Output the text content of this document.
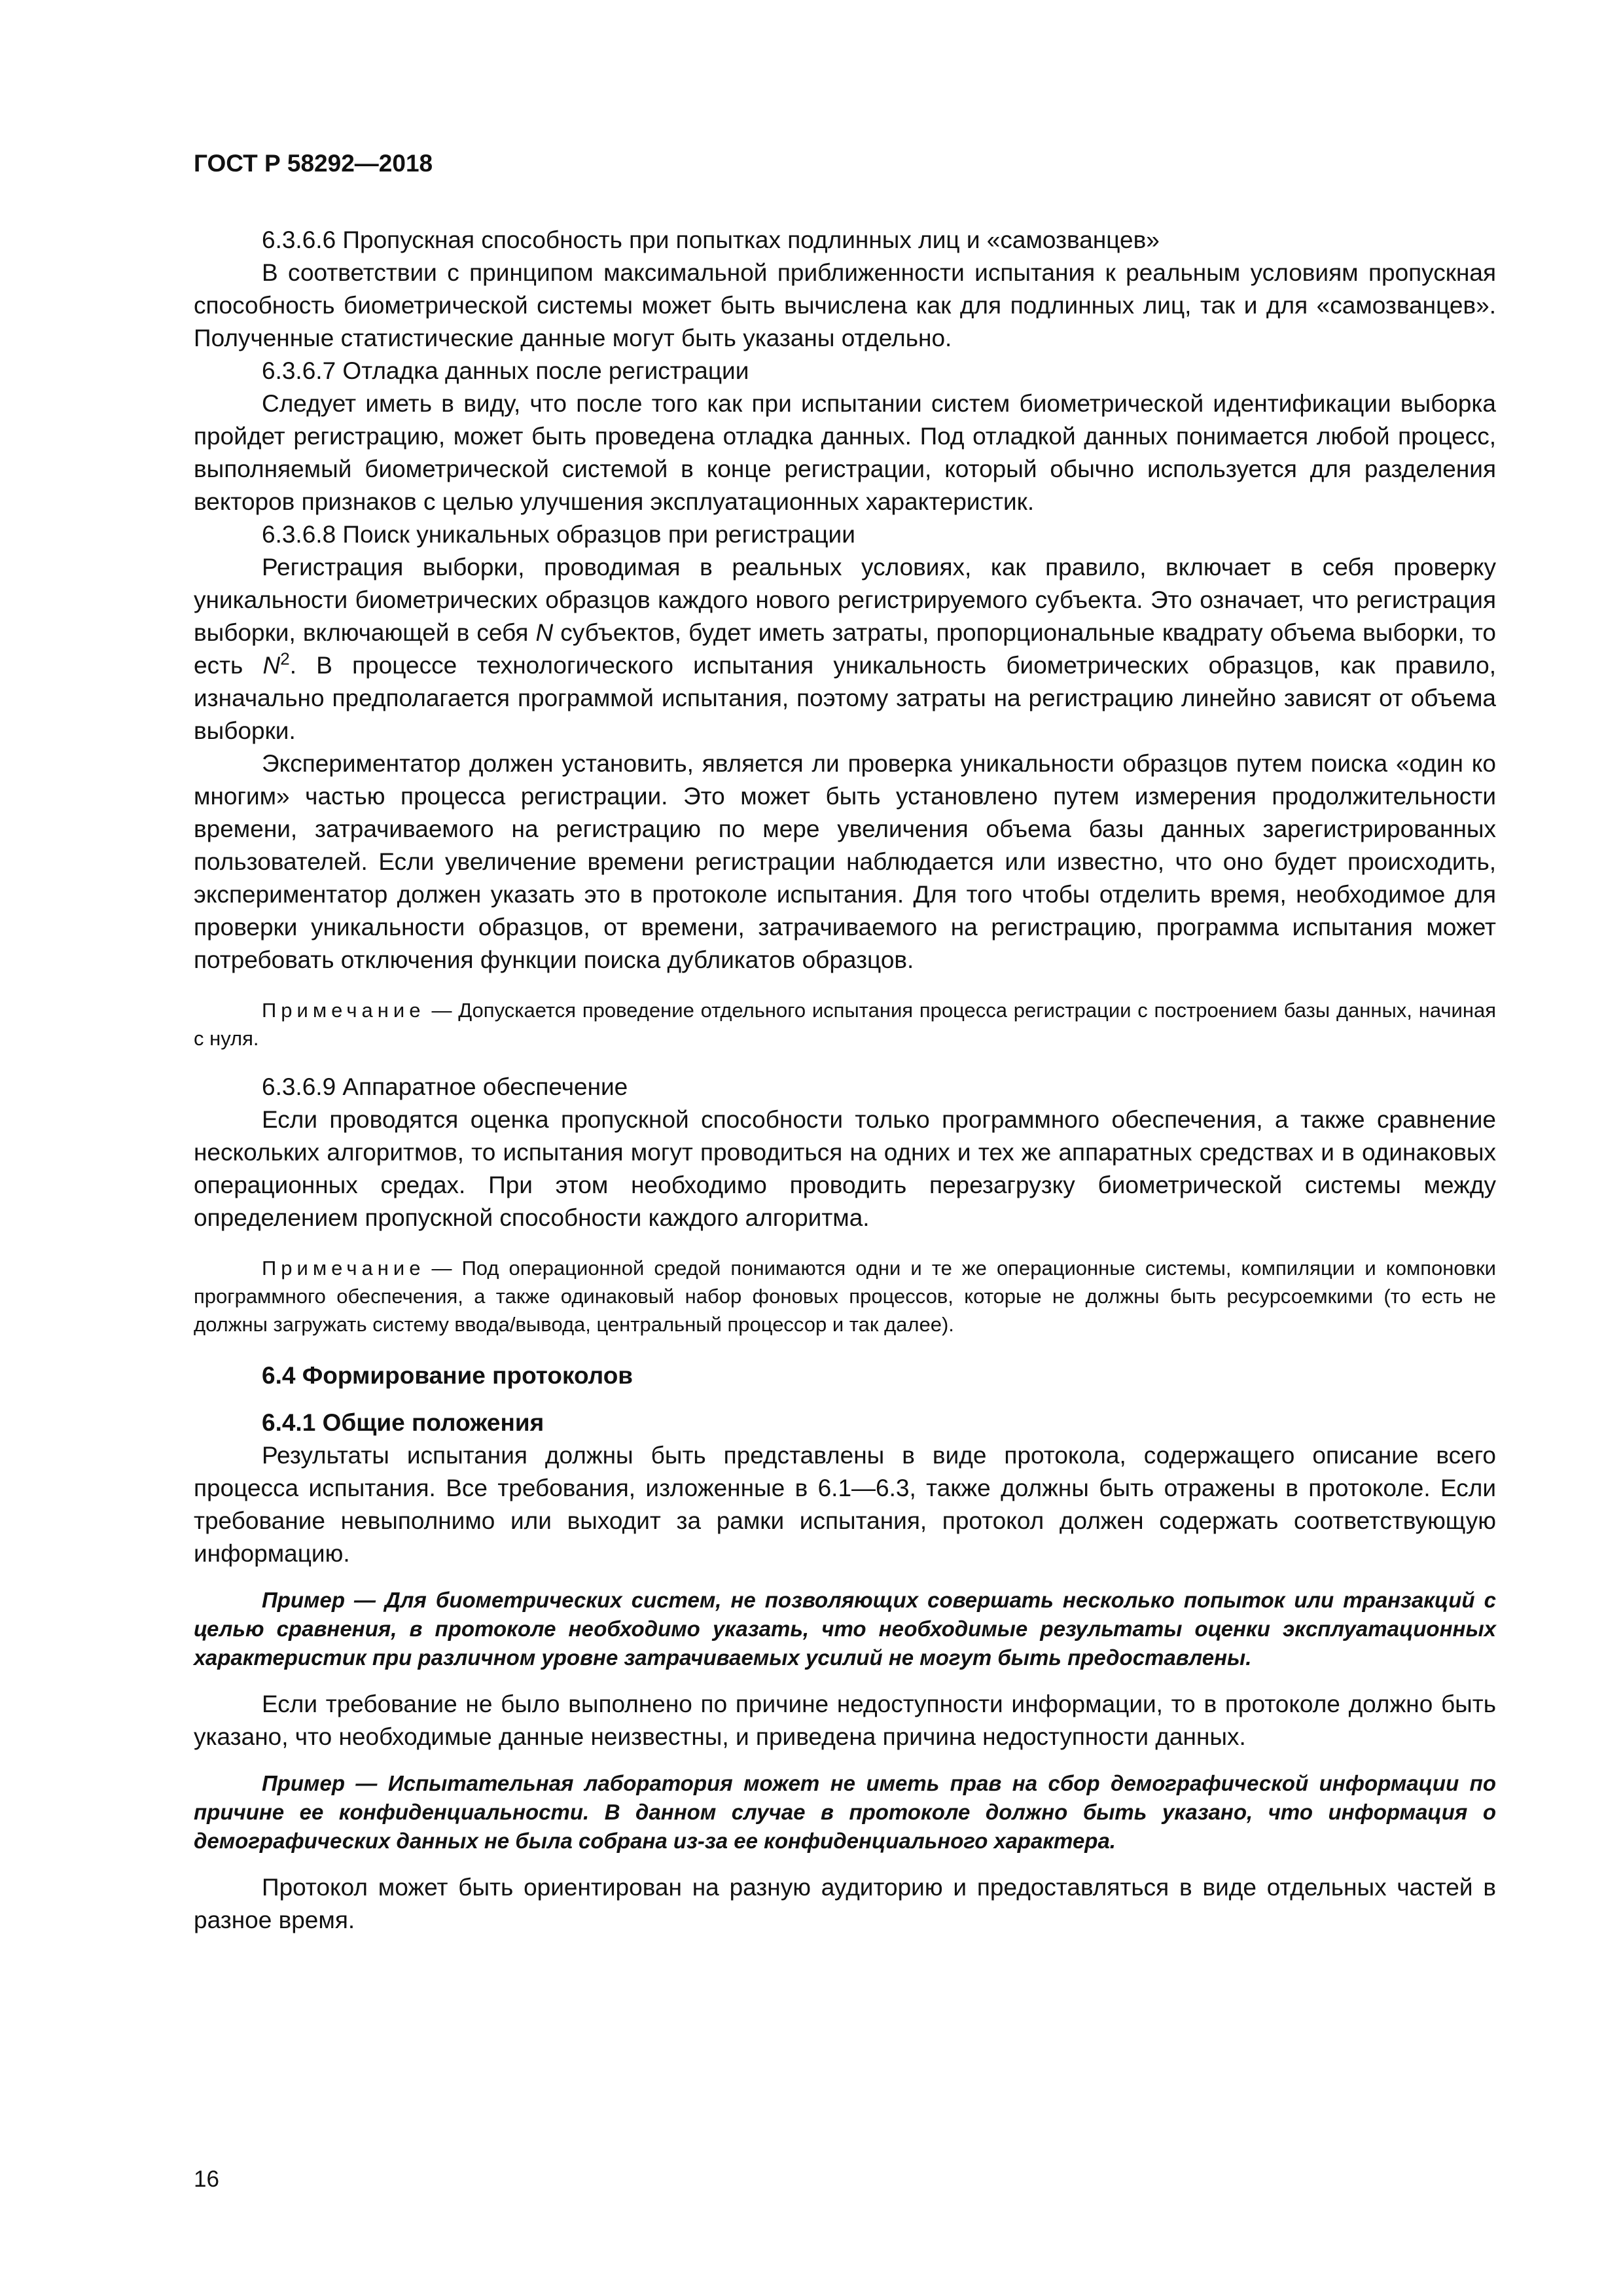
ГОСТ Р 58292—2018

6.3.6.6 Пропускная способность при попытках подлинных лиц и «самозванцев»

В соответствии с принципом максимальной приближенности испытания к реальным условиям пропускная способность биометрической системы может быть вычислена как для подлинных лиц, так и для «самозванцев». Полученные статистические данные могут быть указаны отдельно.

6.3.6.7 Отладка данных после регистрации

Следует иметь в виду, что после того как при испытании систем биометрической идентификации выборка пройдет регистрацию, может быть проведена отладка данных. Под отладкой данных понимается любой процесс, выполняемый биометрической системой в конце регистрации, который обычно используется для разделения векторов признаков с целью улучшения эксплуатационных характеристик.

6.3.6.8 Поиск уникальных образцов при регистрации

Регистрация выборки, проводимая в реальных условиях, как правило, включает в себя проверку уникальности биометрических образцов каждого нового регистрируемого субъекта. Это означает, что регистрация выборки, включающей в себя N субъектов, будет иметь затраты, пропорциональные квадрату объема выборки, то есть $N^2$. В процессе технологического испытания уникальность биометрических образцов, как правило, изначально предполагается программой испытания, поэтому затраты на регистрацию линейно зависят от объема выборки.

Экспериментатор должен установить, является ли проверка уникальности образцов путем поиска «один ко многим» частью процесса регистрации. Это может быть установлено путем измерения продолжительности времени, затрачиваемого на регистрацию по мере увеличения объема базы данных зарегистрированных пользователей. Если увеличение времени регистрации наблюдается или известно, что оно будет происходить, экспериментатор должен указать это в протоколе испытания. Для того чтобы отделить время, необходимое для проверки уникальности образцов, от времени, затрачиваемого на регистрацию, программа испытания может потребовать отключения функции поиска дубликатов образцов.

Примечание — Допускается проведение отдельного испытания процесса регистрации с построением базы данных, начиная с нуля.

6.3.6.9 Аппаратное обеспечение

Если проводятся оценка пропускной способности только программного обеспечения, а также сравнение нескольких алгоритмов, то испытания могут проводиться на одних и тех же аппаратных средствах и в одинаковых операционных средах. При этом необходимо проводить перезагрузку биометрической системы между определением пропускной способности каждого алгоритма.

Примечание — Под операционной средой понимаются одни и те же операционные системы, компиляции и компоновки программного обеспечения, а также одинаковый набор фоновых процессов, которые не должны быть ресурсоемкими (то есть не должны загружать систему ввода/вывода, центральный процессор и так далее).

6.4 Формирование протоколов
6.4.1 Общие положения

Результаты испытания должны быть представлены в виде протокола, содержащего описание всего процесса испытания. Все требования, изложенные в 6.1—6.3, также должны быть отражены в протоколе. Если требование невыполнимо или выходит за рамки испытания, протокол должен содержать соответствующую информацию.

Пример — Для биометрических систем, не позволяющих совершать несколько попыток или транзакций с целью сравнения, в протоколе необходимо указать, что необходимые результаты оценки эксплуатационных характеристик при различном уровне затрачиваемых усилий не могут быть предоставлены.

Если требование не было выполнено по причине недоступности информации, то в протоколе должно быть указано, что необходимые данные неизвестны, и приведена причина недоступности данных.

Пример — Испытательная лаборатория может не иметь прав на сбор демографической информации по причине ее конфиденциальности. В данном случае в протоколе должно быть указано, что информация о демографических данных не была собрана из-за ее конфиденциального характера.

Протокол может быть ориентирован на разную аудиторию и предоставляться в виде отдельных частей в разное время.

16
